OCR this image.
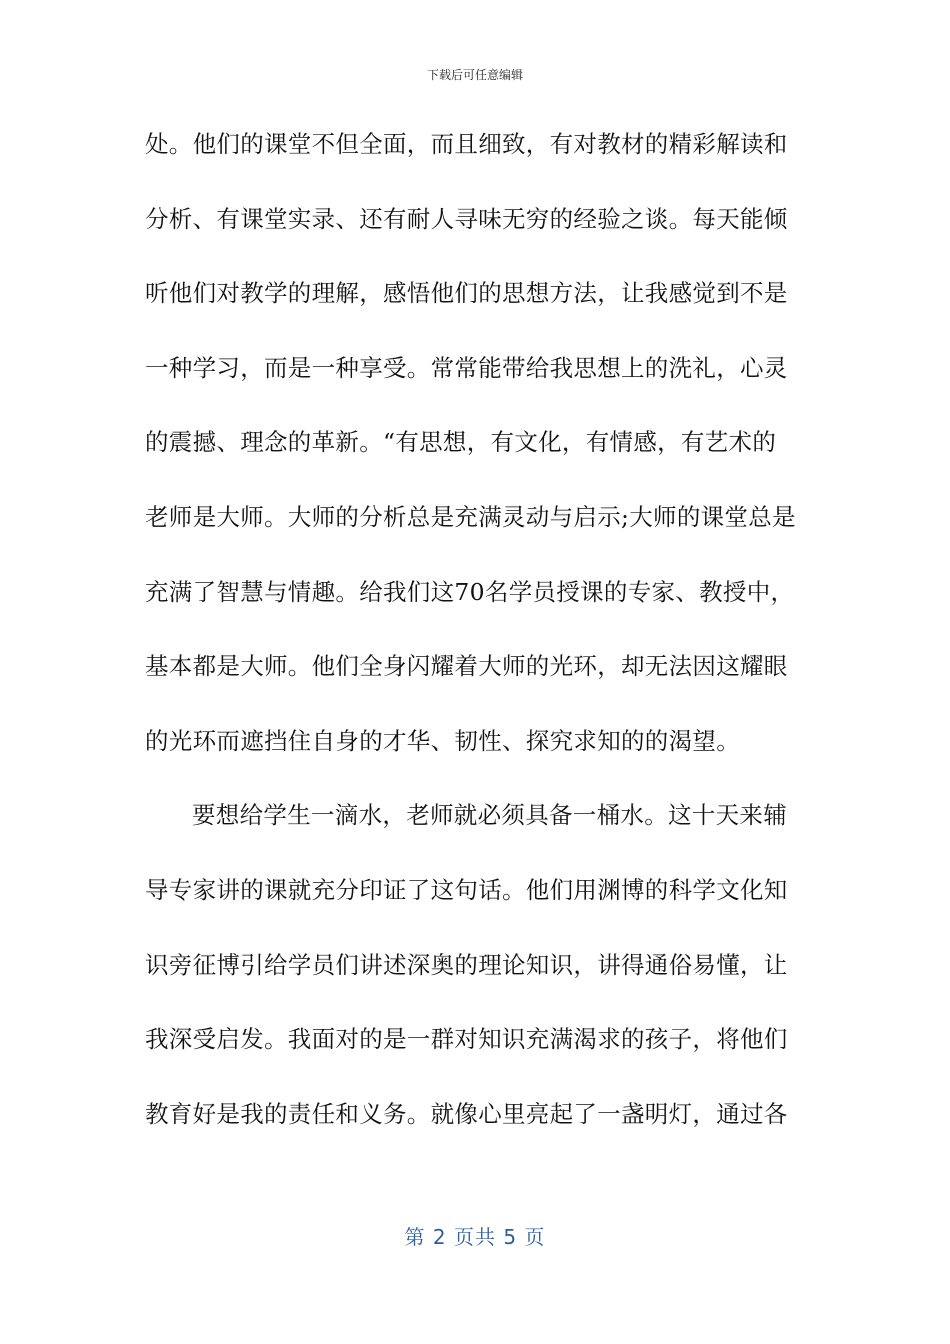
下载后可任意编辑
处。他们的课堂不但全面，而且细致，有对教材的精彩解读和
分析、有课堂实录、还有耐人寻味无穷的经验之谈。每天能倾
听他们对教学的理解，感悟他们的思想方法，让我感觉到不是
一种学习，而是一种享受。常常能带给我思想上的洗礼，心灵
的震撼、理念的革新。“有思想，有文化，有情感，有艺术的
老师是大师。大师的分析总是充满灵动与启示;大师的课堂总是
充满了智慧与情趣。给我们这70名学员授课的专家、教授中，
基本都是大师。他们全身闪耀着大师的光环，却无法因这耀眼
的光环而遮挡住自身的才华、韧性、探究求知的的渴望。
要想给学生一滴水，老师就必须具备一桶水。这十天来辅
导专家讲的课就充分印证了这句话。他们用渊博的科学文化知
识旁征博引给学员们讲述深奥的理论知识，讲得通俗易懂，让
我深受启发。我面对的是一群对知识充满渴求的孩子，将他们
教育好是我的责任和义务。就像心里亮起了一盏明灯，通过各
第 2 页共 5 页
